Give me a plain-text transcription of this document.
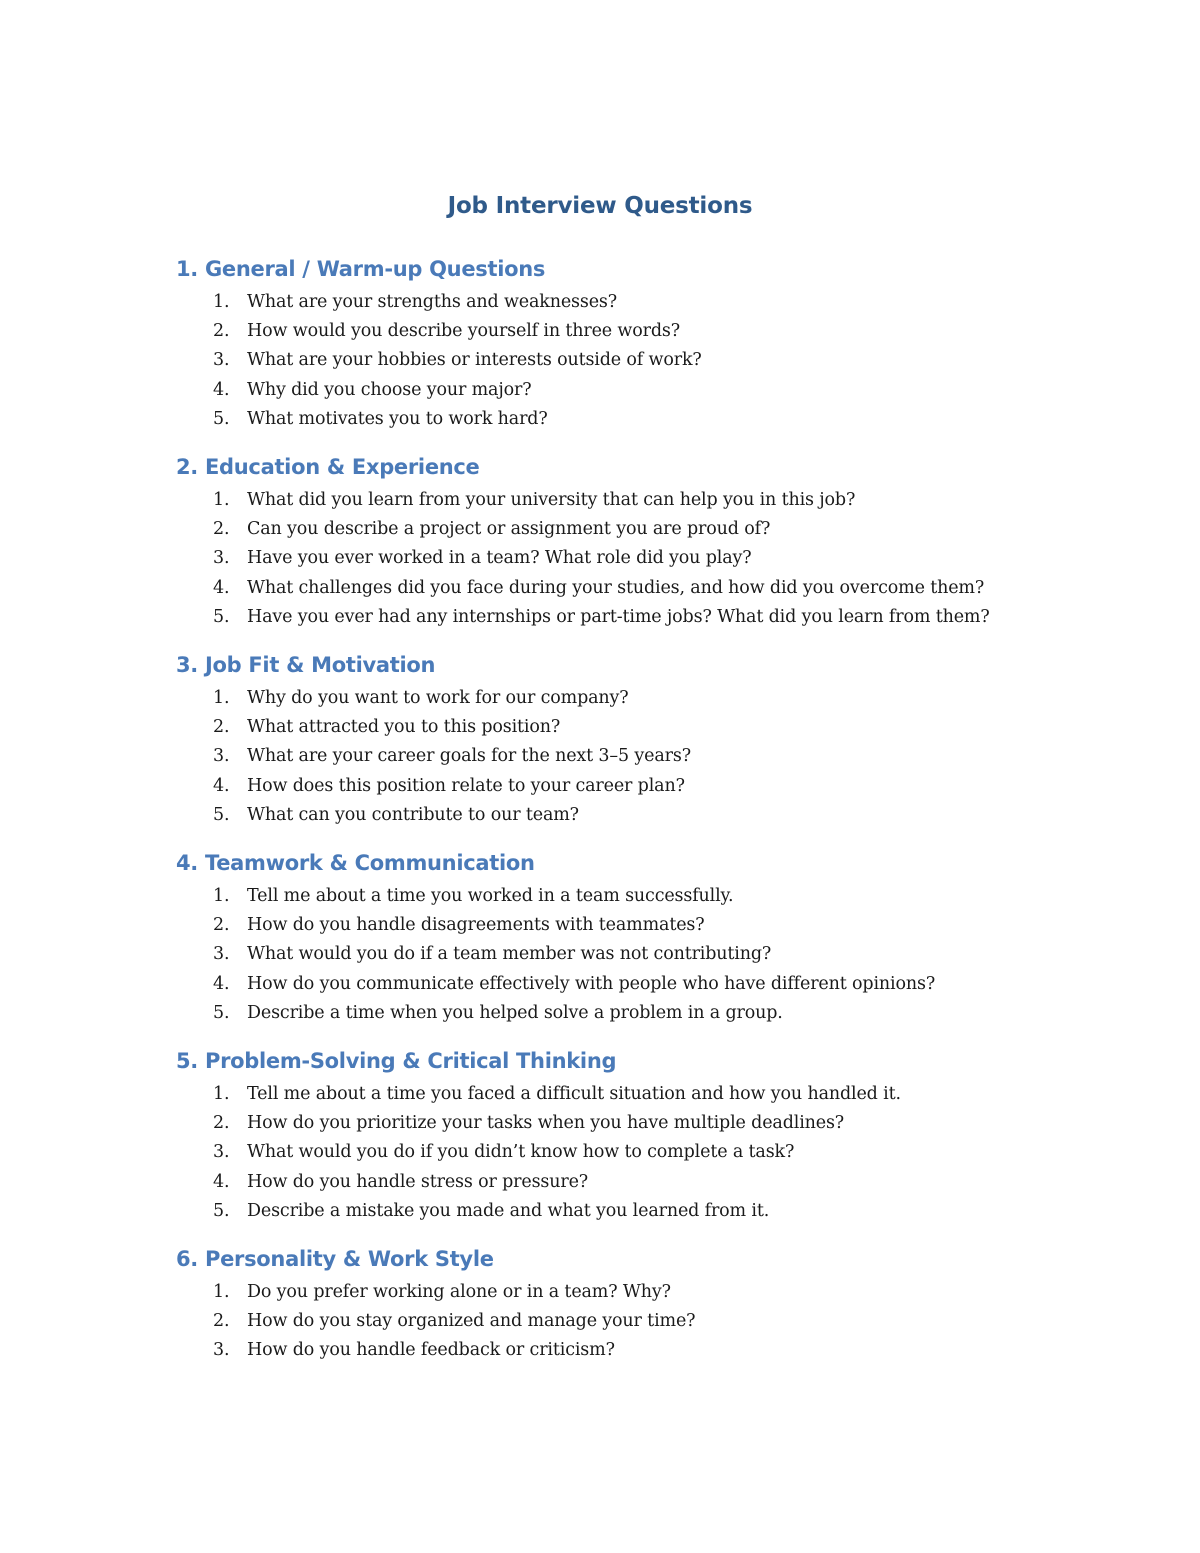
Job Interview Questions
1. General / Warm-up Questions
1.	What are your strengths and weaknesses?
2.	How would you describe yourself in three words?
3.	What are your hobbies or interests outside of work?
4.	Why did you choose your major?
5.	What motivates you to work hard?
2. Education & Experience
1.	What did you learn from your university that can help you in this job?
2.	Can you describe a project or assignment you are proud of?
3.	Have you ever worked in a team? What role did you play?
4.	What challenges did you face during your studies, and how did you overcome them?
5.	Have you ever had any internships or part-time jobs? What did you learn from them?
3. Job Fit & Motivation
1.	Why do you want to work for our company?
2.	What attracted you to this position?
3.	What are your career goals for the next 3–5 years?
4.	How does this position relate to your career plan?
5.	What can you contribute to our team?
4. Teamwork & Communication
1.	Tell me about a time you worked in a team successfully.
2.	How do you handle disagreements with teammates?
3.	What would you do if a team member was not contributing?
4.	How do you communicate effectively with people who have different opinions?
5.	Describe a time when you helped solve a problem in a group.
5. Problem-Solving & Critical Thinking
1.	Tell me about a time you faced a difficult situation and how you handled it.
2.	How do you prioritize your tasks when you have multiple deadlines?
3.	What would you do if you didn’t know how to complete a task?
4.	How do you handle stress or pressure?
5.	Describe a mistake you made and what you learned from it.
6. Personality & Work Style
1.	Do you prefer working alone or in a team? Why?
2.	How do you stay organized and manage your time?
3.	How do you handle feedback or criticism?
